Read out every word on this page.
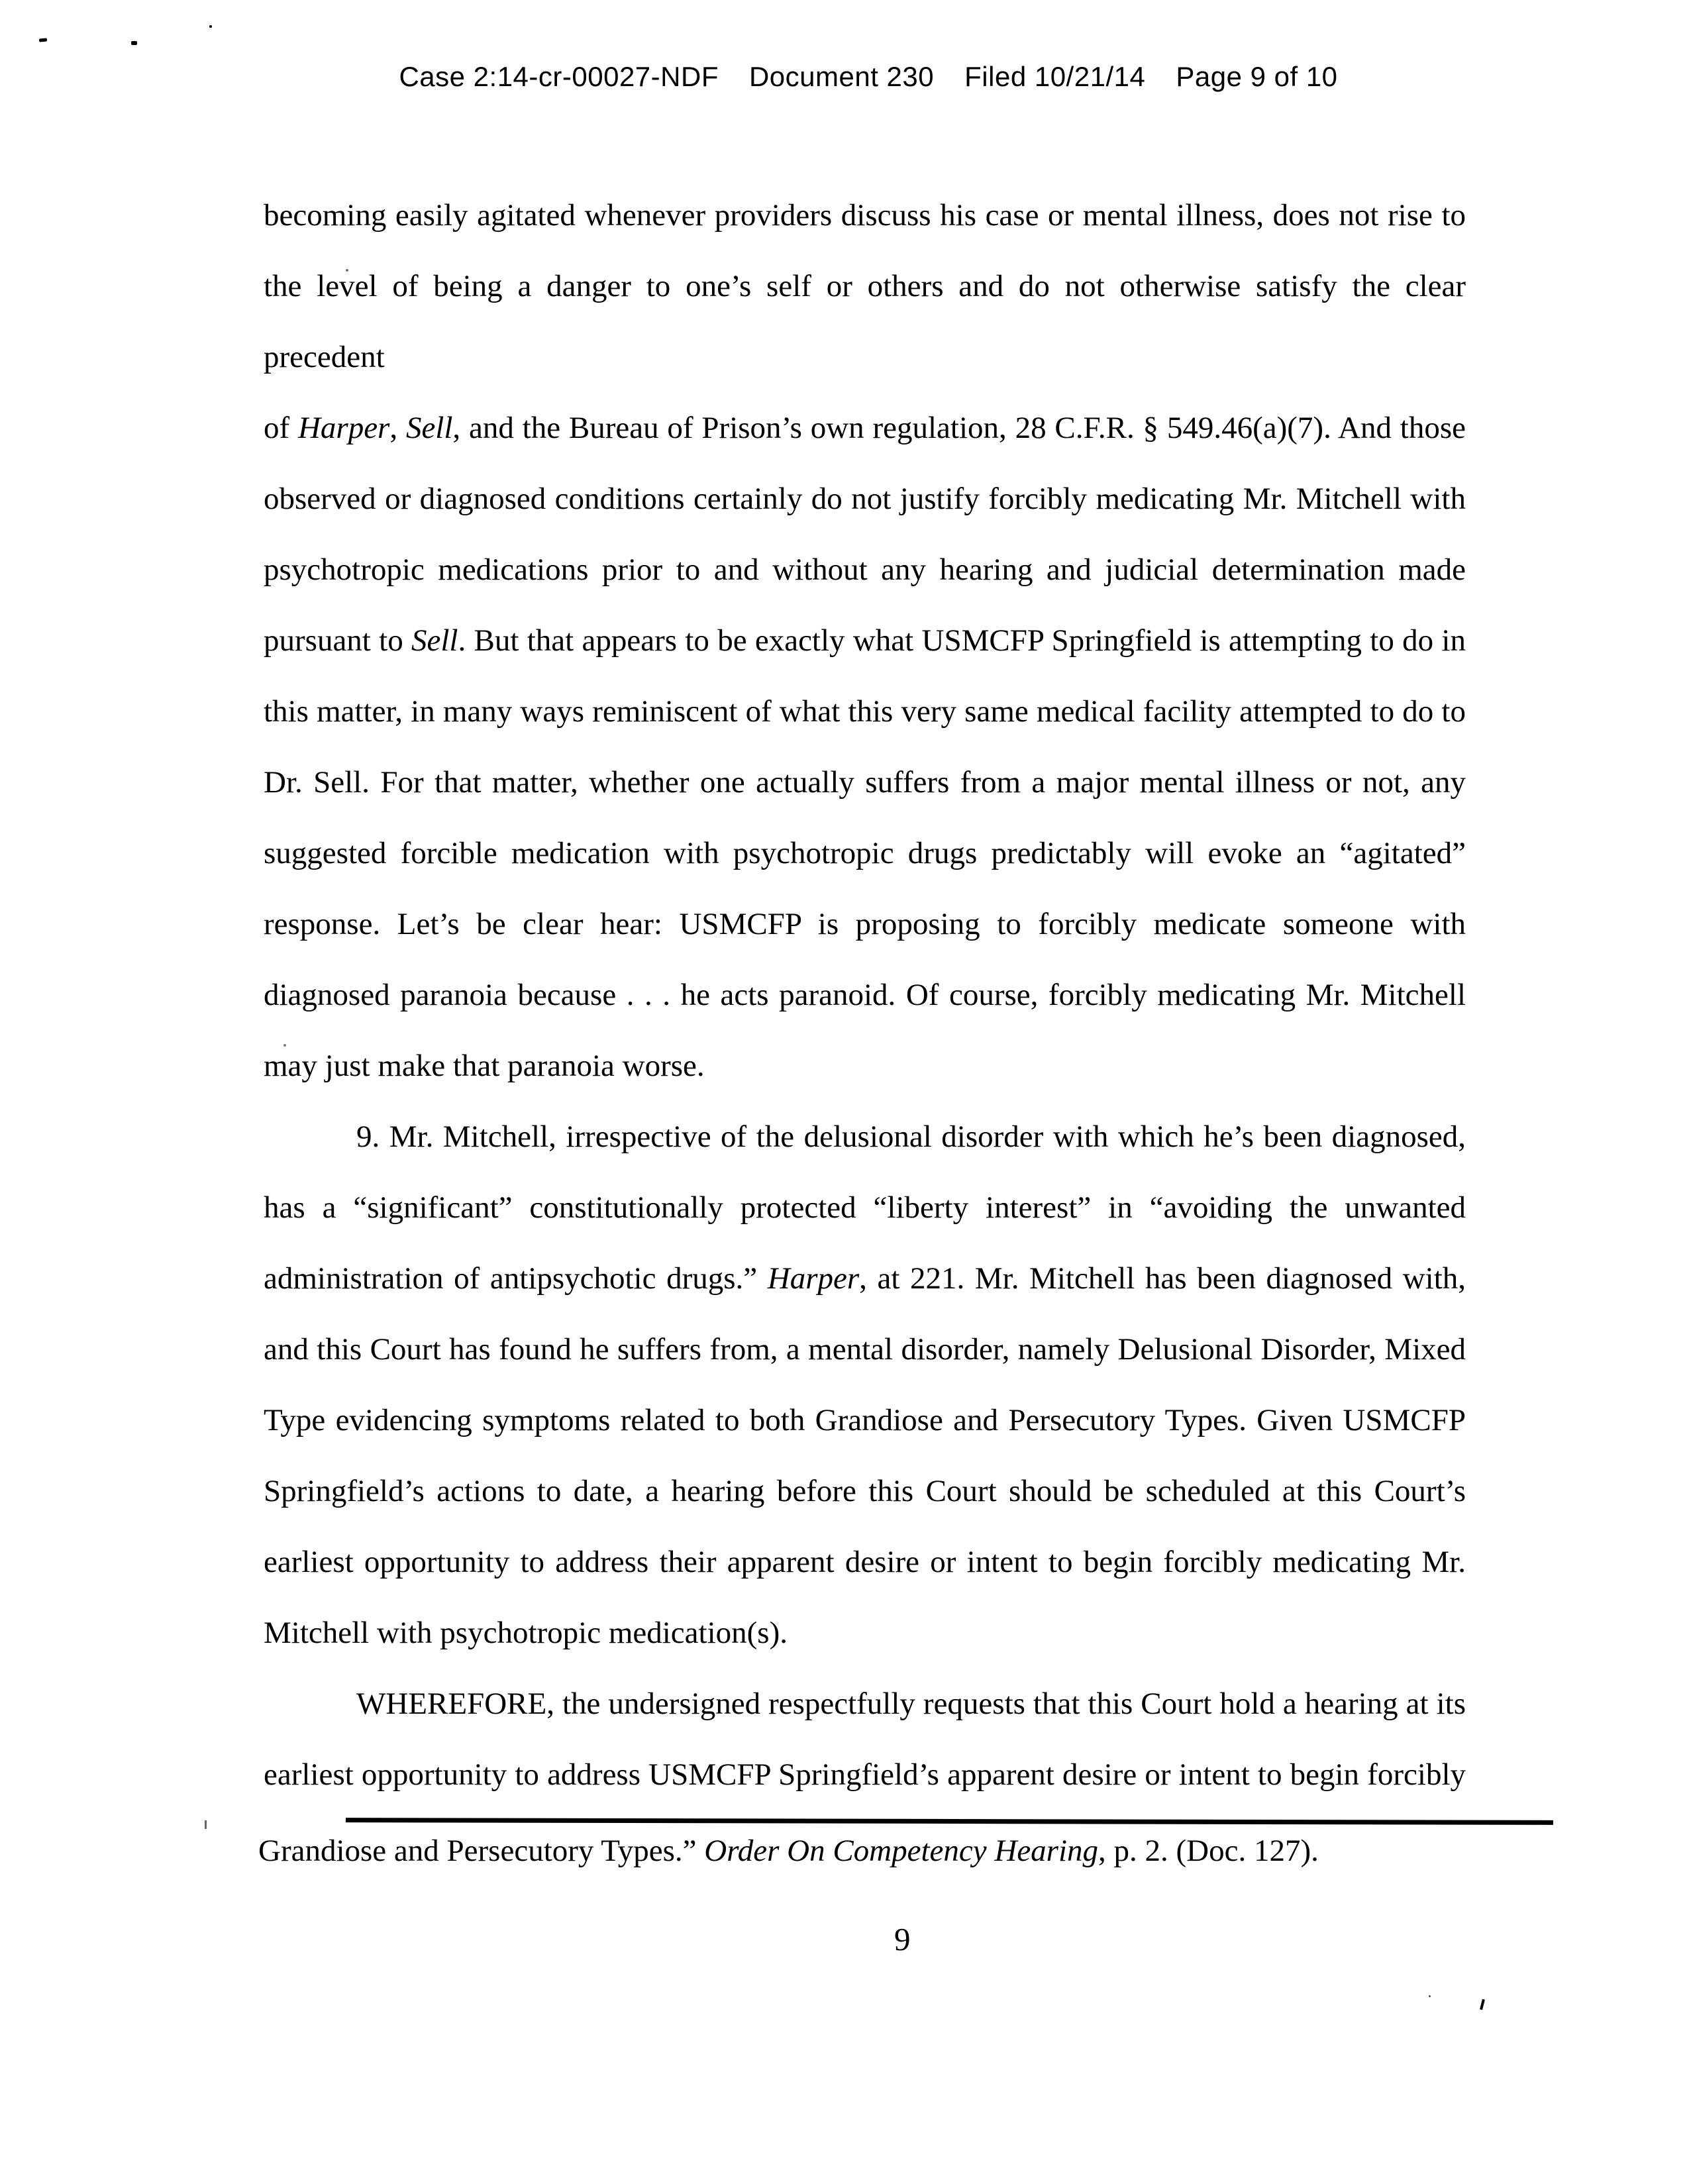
Case 2:14-cr-00027-NDF Document 230 Filed 10/21/14 Page 9 of 10
becoming easily agitated whenever providers discuss his case or mental illness, does not rise to
the level of being a danger to one’s self or others and do not otherwise satisfy the clear precedent
of Harper, Sell, and the Bureau of Prison’s own regulation, 28 C.F.R. § 549.46(a)(7). And those
observed or diagnosed conditions certainly do not justify forcibly medicating Mr. Mitchell with
psychotropic medications prior to and without any hearing and judicial determination made
pursuant to Sell. But that appears to be exactly what USMCFP Springfield is attempting to do in
this matter, in many ways reminiscent of what this very same medical facility attempted to do to
Dr. Sell. For that matter, whether one actually suffers from a major mental illness or not, any
suggested forcible medication with psychotropic drugs predictably will evoke an “agitated”
response. Let’s be clear hear: USMCFP is proposing to forcibly medicate someone with
diagnosed paranoia because . . . he acts paranoid. Of course, forcibly medicating Mr. Mitchell
may just make that paranoia worse.
9. Mr. Mitchell, irrespective of the delusional disorder with which he’s been diagnosed,
has a “significant” constitutionally protected “liberty interest” in “avoiding the unwanted
administration of antipsychotic drugs.” Harper, at 221. Mr. Mitchell has been diagnosed with,
and this Court has found he suffers from, a mental disorder, namely Delusional Disorder, Mixed
Type evidencing symptoms related to both Grandiose and Persecutory Types. Given USMCFP
Springfield’s actions to date, a hearing before this Court should be scheduled at this Court’s
earliest opportunity to address their apparent desire or intent to begin forcibly medicating Mr.
Mitchell with psychotropic medication(s).
WHEREFORE, the undersigned respectfully requests that this Court hold a hearing at its
earliest opportunity to address USMCFP Springfield’s apparent desire or intent to begin forcibly
Grandiose and Persecutory Types.” Order On Competency Hearing, p. 2. (Doc. 127).
9
